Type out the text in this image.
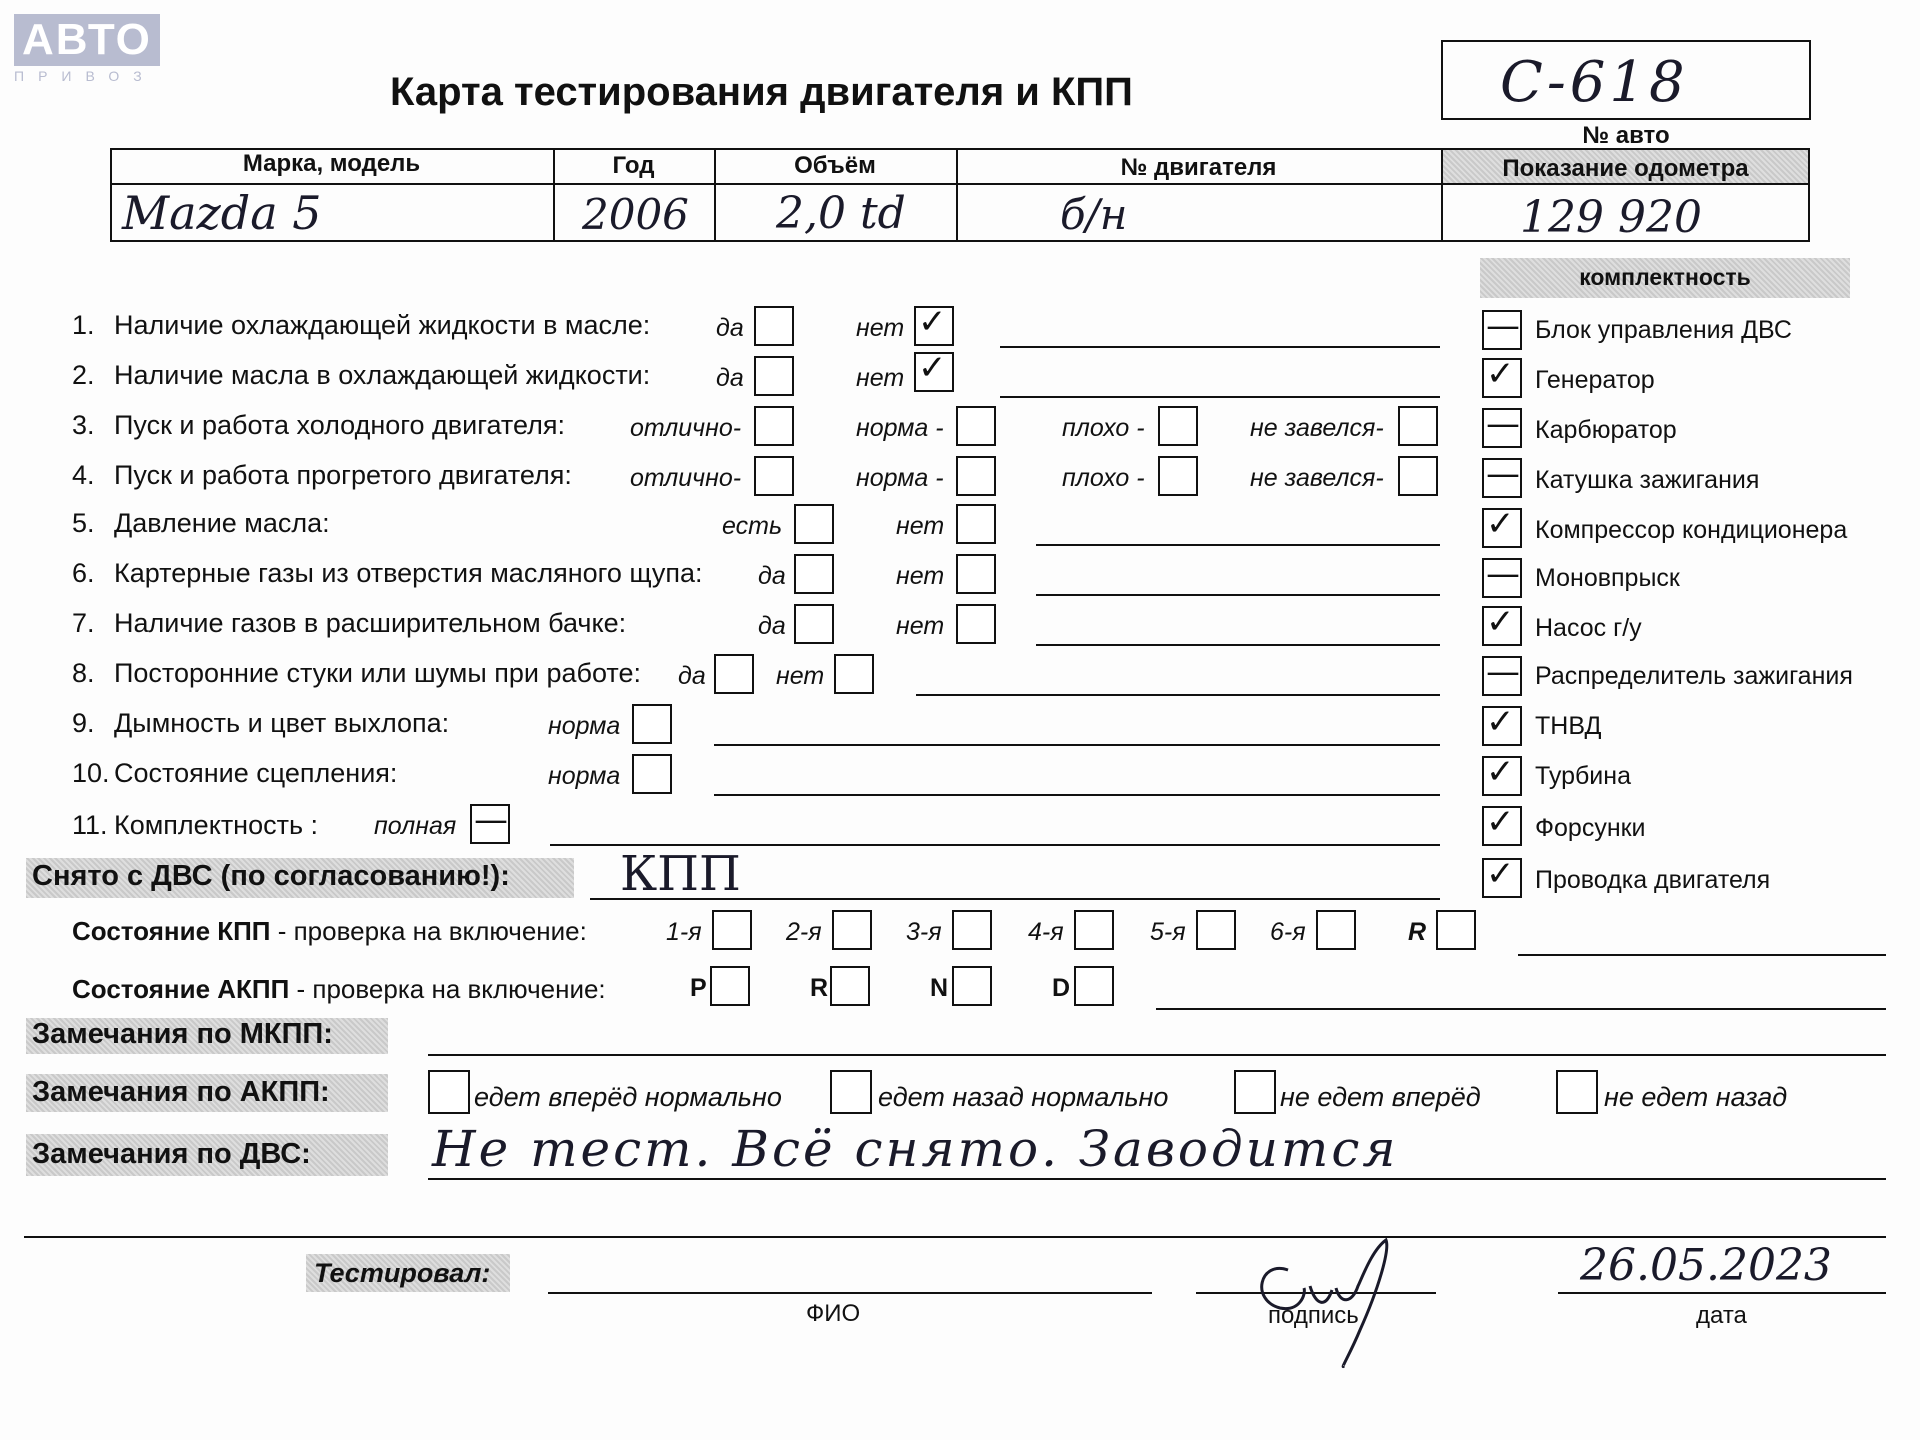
АВТО
ПРИВОЗ	Карта тестирования двигателя и КПП	C-618
№ авто
Марка, модель	Год	Объём	№ двигателя	Показание одометра
Mazda 5	2006 2,0 td	б/н	129 920
комплектность
1. Наличие охлаждающей жидкости в масле:	да	нет ✓
2. Наличие масла в охлаждающей жидкости:	да	нет ✓
3. Пуск и работа холодного двигателя:	отлично-	норма -	плохо -	не завелся-
4. Пуск и работа прогретого двигателя: отлично-	норма -	плохо -	не завелся-
5. Давление масла:	есть	нет
6. Картерные газы из отверстия масляного щупа: да	нет
7. Наличие газов в расширительном бачке:	да	нет
8. Посторонние стуки или шумы при работе: да	нет
9. Дымность и цвет выхлопа:	норма
10. Состояние сцепления:	норма
11. Комплектность : полная —
— Блок управления ДВС
✓ Генератор
— Карбюратор
— Катушка зажигания
✓ Компрессор кондиционера
— Моновпрыск
✓ Насос г/у
— Распределитель зажигания
✓ ТНВД
✓ Турбина
✓ Форсунки
✓ Проводка двигателя
Снято с ДВС (по согласованию!): КПП
Состояние КПП - проверка на включение:	1-я	2-я	3-я	4-я	5-я	6-я	R
Состояние АКПП - проверка на включение:	P	R	N	D
Замечания по МКПП:
Замечания по АКПП:	едет вперёд нормально	едет назад нормально	не едет вперёд	не едет назад
Замечания по ДВС: Не тест. Всё снято. Заводится
Тестировал:
ФИО	подпись
26.05.2023
дата
